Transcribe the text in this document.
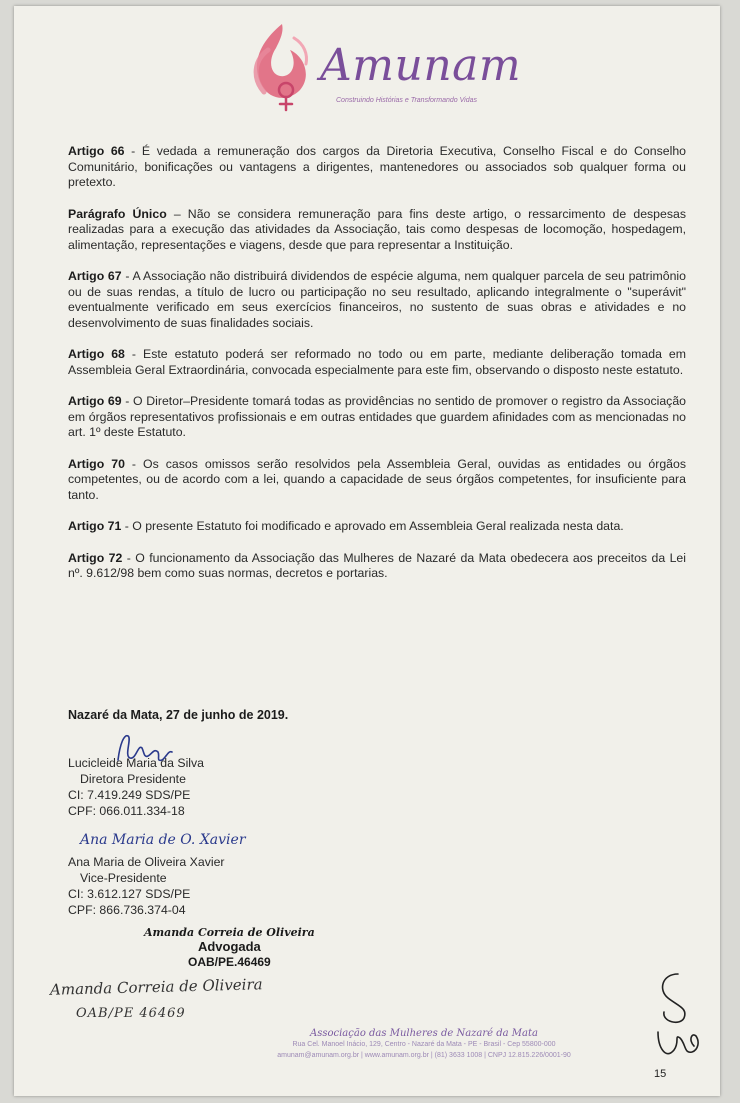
Amunam
Construindo Histórias e Transformando Vidas

Artigo 66 - É vedada a remuneração dos cargos da Diretoria Executiva, Conselho Fiscal e do Conselho Comunitário, bonificações ou vantagens a dirigentes, mantenedores ou associados sob qualquer forma ou pretexto.

Parágrafo Único – Não se considera remuneração para fins deste artigo, o ressarcimento de despesas realizadas para a execução das atividades da Associação, tais como despesas de locomoção, hospedagem, alimentação, representações e viagens, desde que para representar a Instituição.

Artigo 67 - A Associação não distribuirá dividendos de espécie alguma, nem qualquer parcela de seu patrimônio ou de suas rendas, a título de lucro ou participação no seu resultado, aplicando integralmente o "superávit" eventualmente verificado em seus exercícios financeiros, no sustento de suas obras e atividades e no desenvolvimento de suas finalidades sociais.

Artigo 68 - Este estatuto poderá ser reformado no todo ou em parte, mediante deliberação tomada em Assembleia Geral Extraordinária, convocada especialmente para este fim, observando o disposto neste estatuto.

Artigo 69 - O Diretor–Presidente tomará todas as providências no sentido de promover o registro da Associação em órgãos representativos profissionais e em outras entidades que guardem afinidades com as mencionadas no art. 1º deste Estatuto.

Artigo 70 - Os casos omissos serão resolvidos pela Assembleia Geral, ouvidas as entidades ou órgãos competentes, ou de acordo com a lei, quando a capacidade de seus órgãos competentes, for insuficiente para tanto.

Artigo 71 - O presente Estatuto foi modificado e aprovado em Assembleia Geral realizada nesta data.

Artigo 72 - O funcionamento da Associação das Mulheres de Nazaré da Mata obedecera aos preceitos da Lei nº. 9.612/98 bem como suas normas, decretos e portarias.

Nazaré da Mata, 27 de junho de 2019.
Lucicleide Maria da Silva
Diretora Presidente
CI: 7.419.249 SDS/PE
CPF: 066.011.334-18
Ana Maria de O. Xavier
Ana Maria de Oliveira Xavier
Vice-Presidente
CI: 3.612.127 SDS/PE
CPF: 866.736.374-04
Amanda Correia de Oliveira
Advogada
OAB/PE.46469
Amanda Correia de Oliveira
OAB/PE 46469
Associação das Mulheres de Nazaré da Mata
Rua Cel. Manoel Inácio, 129, Centro - Nazaré da Mata - PE - Brasil - Cep 55800-000
amunam@amunam.org.br | www.amunam.org.br | (81) 3633 1008 | CNPJ 12.815.226/0001-90
15
